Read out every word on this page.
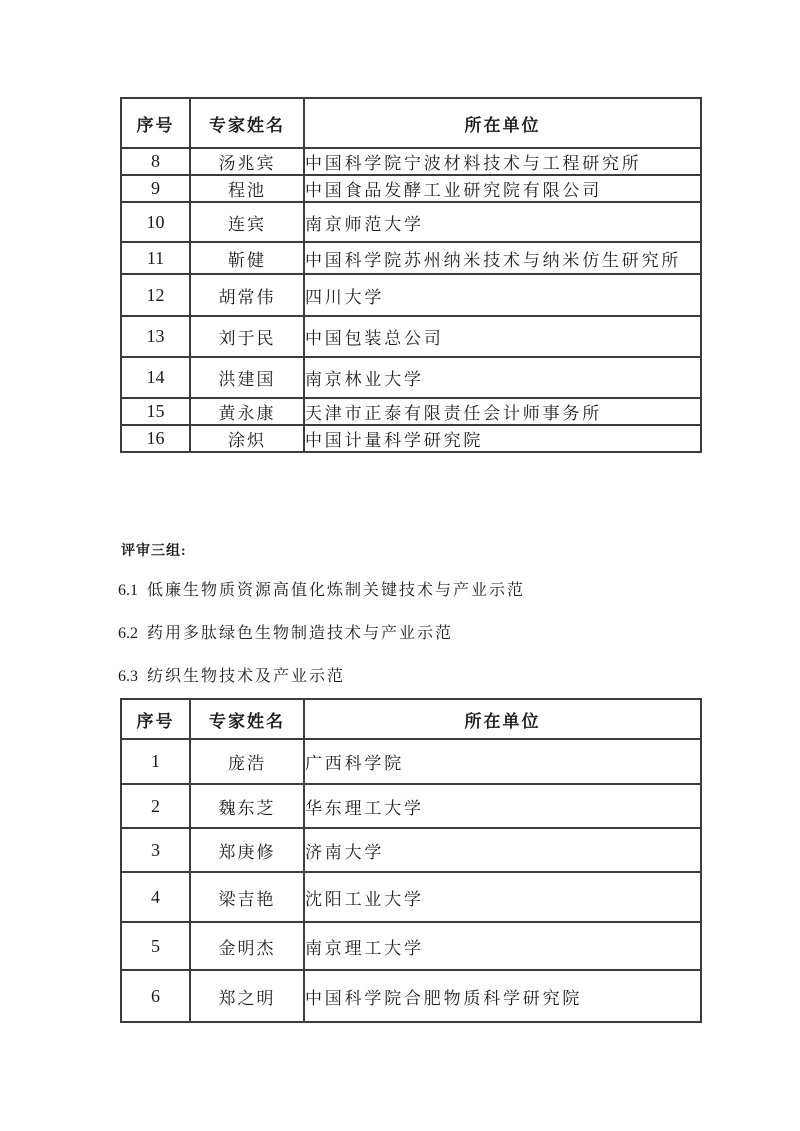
序号	专家姓名	所在单位
8	汤兆宾	中国科学院宁波材料技术与工程研究所
9	程池	中国食品发酵工业研究院有限公司
10	连宾	南京师范大学
11	靳健	中国科学院苏州纳米技术与纳米仿生研究所
12	胡常伟	四川大学
13	刘于民	中国包装总公司
14	洪建国	南京林业大学
15	黄永康	天津市正泰有限责任会计师事务所
16	涂炽	中国计量科学研究院
评审三组:
6.1 低廉生物质资源高值化炼制关键技术与产业示范
6.2 药用多肽绿色生物制造技术与产业示范
6.3 纺织生物技术及产业示范
序号	专家姓名	所在单位
1	庞浩	广西科学院
2	魏东芝	华东理工大学
3	郑庚修	济南大学
4	梁吉艳	沈阳工业大学
5	金明杰	南京理工大学
6	郑之明	中国科学院合肥物质科学研究院
